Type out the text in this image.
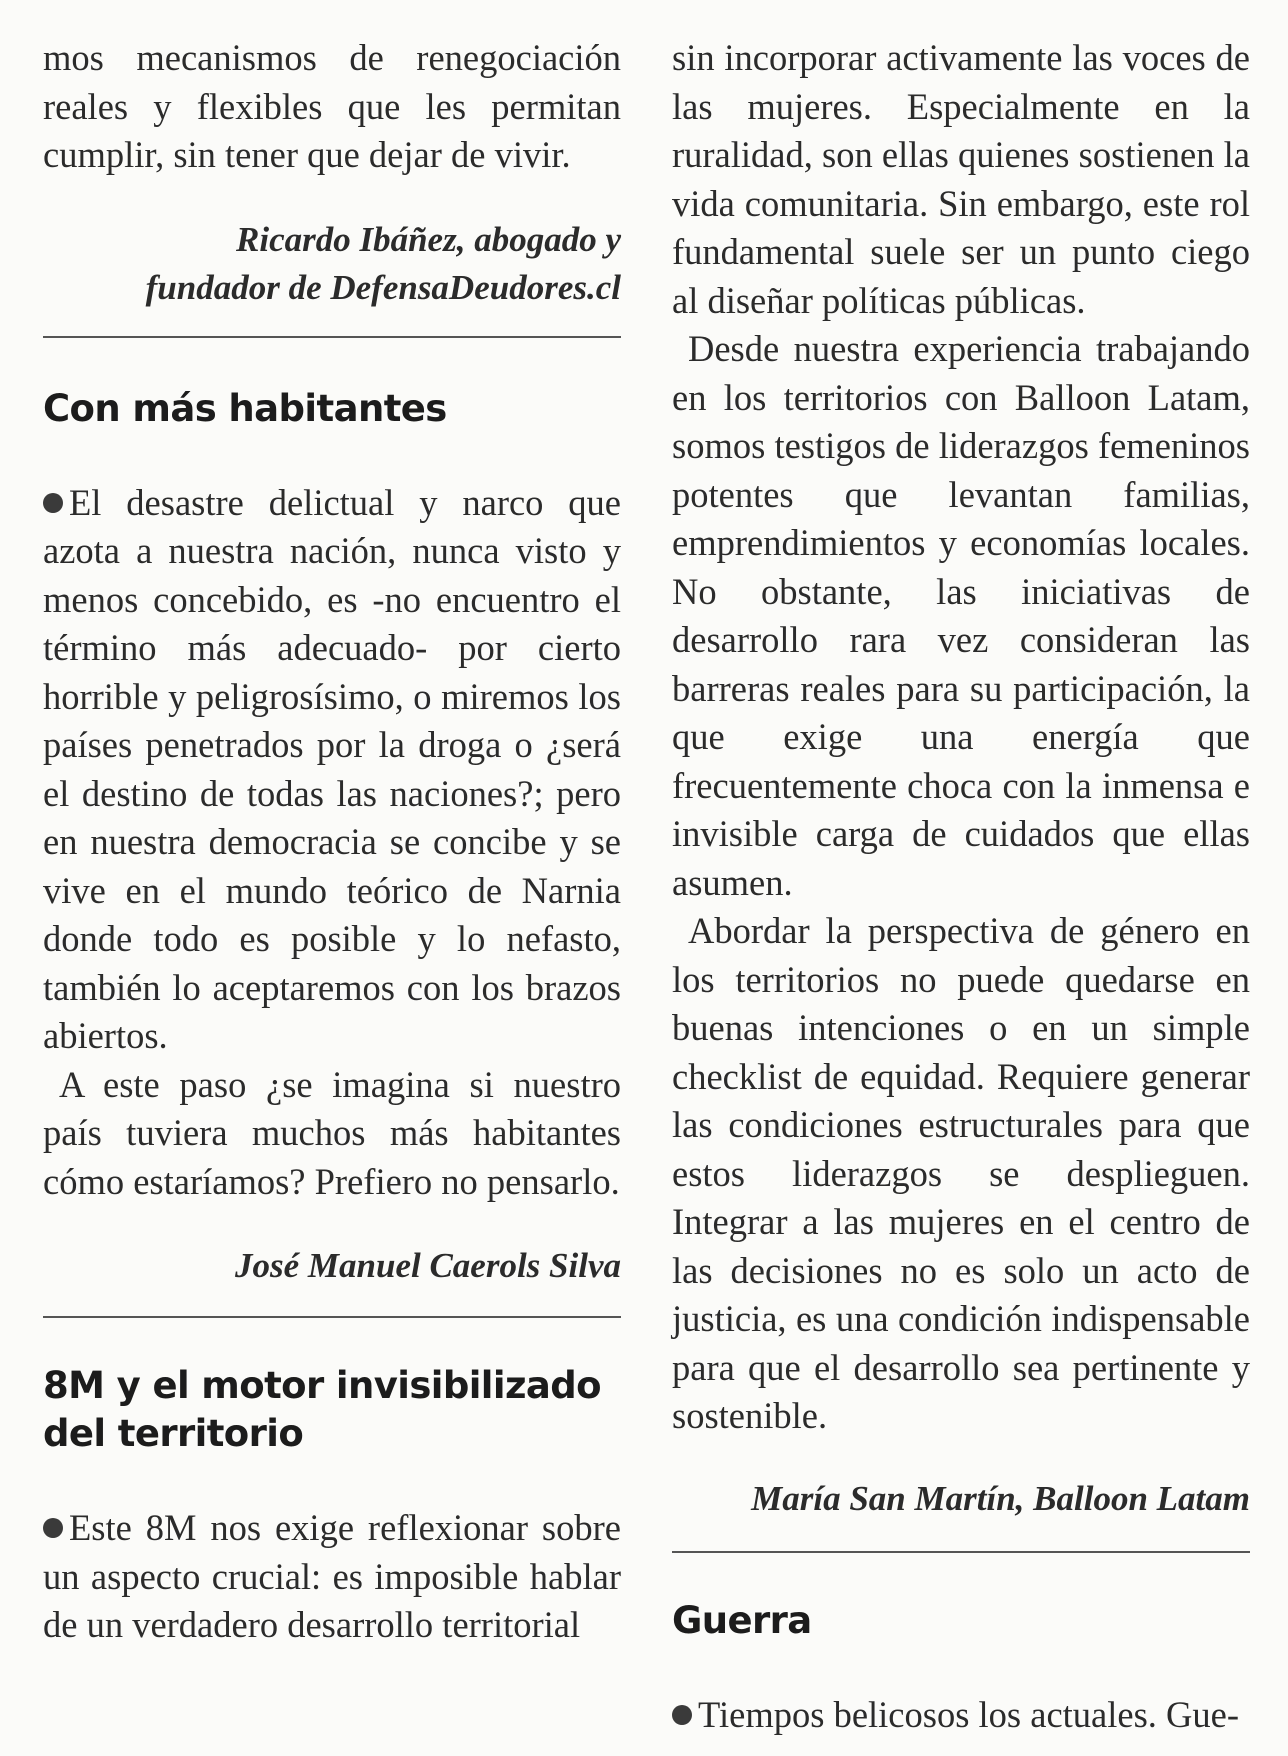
mos mecanismos de renegociación reales y flexibles que les permitan cumplir, sin tener que dejar de vivir.

Ricardo Ibáñez, abogado y

fundador de DefensaDeudores.cl

Con más habitantes

El desastre delictual y narco que azota a nuestra nación, nunca visto y menos concebido, es -no encuentro el término más adecuado- por cierto horrible y peligrosísimo, o miremos los países penetrados por la droga o ¿será el destino de todas las naciones?; pero en nuestra democracia se concibe y se vive en el mundo teórico de Narnia donde todo es posible y lo nefasto, también lo aceptaremos con los brazos abiertos.

A este paso ¿se imagina si nuestro país tuviera muchos más habitantes cómo estaríamos? Prefiero no pensarlo.

José Manuel Caerols Silva

8M y el motor invisibilizado
del territorio

Este 8M nos exige reflexionar sobre un aspecto crucial: es imposible hablar de un verdadero desarrollo territorial

sin incorporar activamente las voces de las mujeres. Especialmente en la ruralidad, son ellas quienes sostienen la vida comunitaria. Sin embargo, este rol fundamental suele ser un punto ciego al diseñar políticas públicas.

Desde nuestra experiencia trabajando en los territorios con Balloon Latam, somos testigos de liderazgos femeninos potentes que levantan familias, emprendimientos y economías locales. No obstante, las iniciativas de desarrollo rara vez consideran las barreras reales para su participación, la que exige una energía que frecuentemente choca con la inmensa e invisible carga de cuidados que ellas asumen.

Abordar la perspectiva de género en los territorios no puede quedarse en buenas intenciones o en un simple checklist de equidad. Requiere generar las condiciones estructurales para que estos liderazgos se desplieguen. Integrar a las mujeres en el centro de las decisiones no es solo un acto de justicia, es una condición indispensable para que el desarrollo sea pertinente y sostenible.

María San Martín, Balloon Latam

Guerra

Tiempos belicosos los actuales. Gue-
